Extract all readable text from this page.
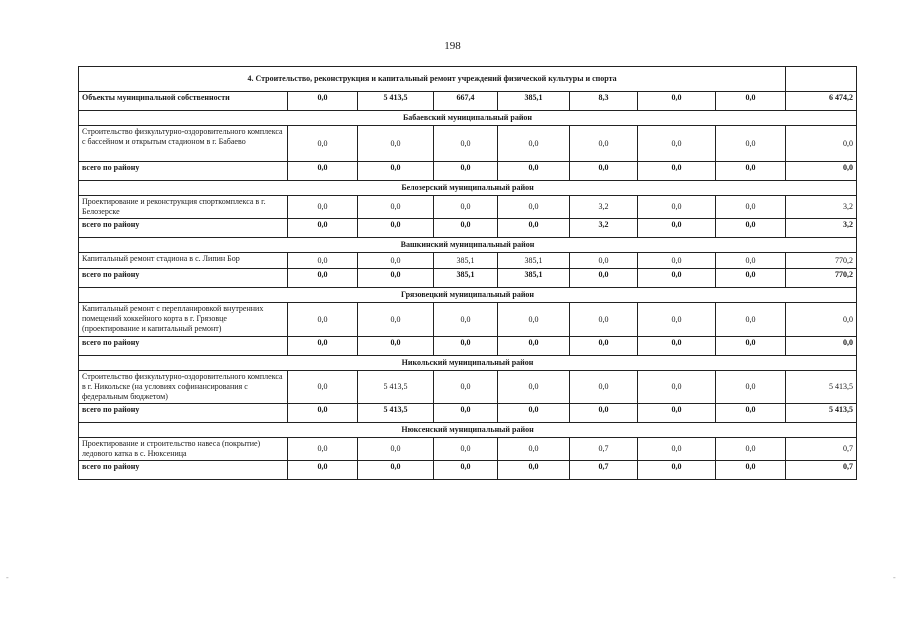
198
4. Строительство, реконструкция и капитальный ремонт учреждений физической культуры и спорта								
Объекты муниципальной собственности	0,0	5 413,5	667,4	385,1	8,3	0,0	0,0	6 474,2
Бабаевский муниципальный район								
Строительство физкультурно-оздоровительного комплекса с бассейном и открытым стадионом в г. Бабаево	0,0	0,0	0,0	0,0	0,0	0,0	0,0	0,0
всего по району	0,0	0,0	0,0	0,0	0,0	0,0	0,0	0,0
Белозерский муниципальный район								
Проектирование и реконструкция спорткомплекса в г. Белозерске	0,0	0,0	0,0	0,0	3,2	0,0	0,0	3,2
всего по району	0,0	0,0	0,0	0,0	3,2	0,0	0,0	3,2
Вашкинский муниципальный район								
Капитальный ремонт стадиона в с. Липин Бор	0,0	0,0	385,1	385,1	0,0	0,0	0,0	770,2
всего по району	0,0	0,0	385,1	385,1	0,0	0,0	0,0	770,2
Грязовецкий муниципальный район								
Капитальный ремонт с перепланировкой внутренних помещений хоккейного корта в г. Грязовце (проектирование и капитальный ремонт)	0,0	0,0	0,0	0,0	0,0	0,0	0,0	0,0
всего по району	0,0	0,0	0,0	0,0	0,0	0,0	0,0	0,0
Никольский муниципальный район								
Строительство физкультурно-оздоровительного комплекса в г. Никольске (на условиях софинансирования с федеральным бюджетом)	0,0	5 413,5	0,0	0,0	0,0	0,0	0,0	5 413,5
всего по району	0,0	5 413,5	0,0	0,0	0,0	0,0	0,0	5 413,5
Нюксенский муниципальный район								
Проектирование и строительство навеса (покрытие) ледового катка в с. Нюксеница	0,0	0,0	0,0	0,0	0,7	0,0	0,0	0,7
всего по району	0,0	0,0	0,0	0,0	0,7	0,0	0,0	0,7
-	-
